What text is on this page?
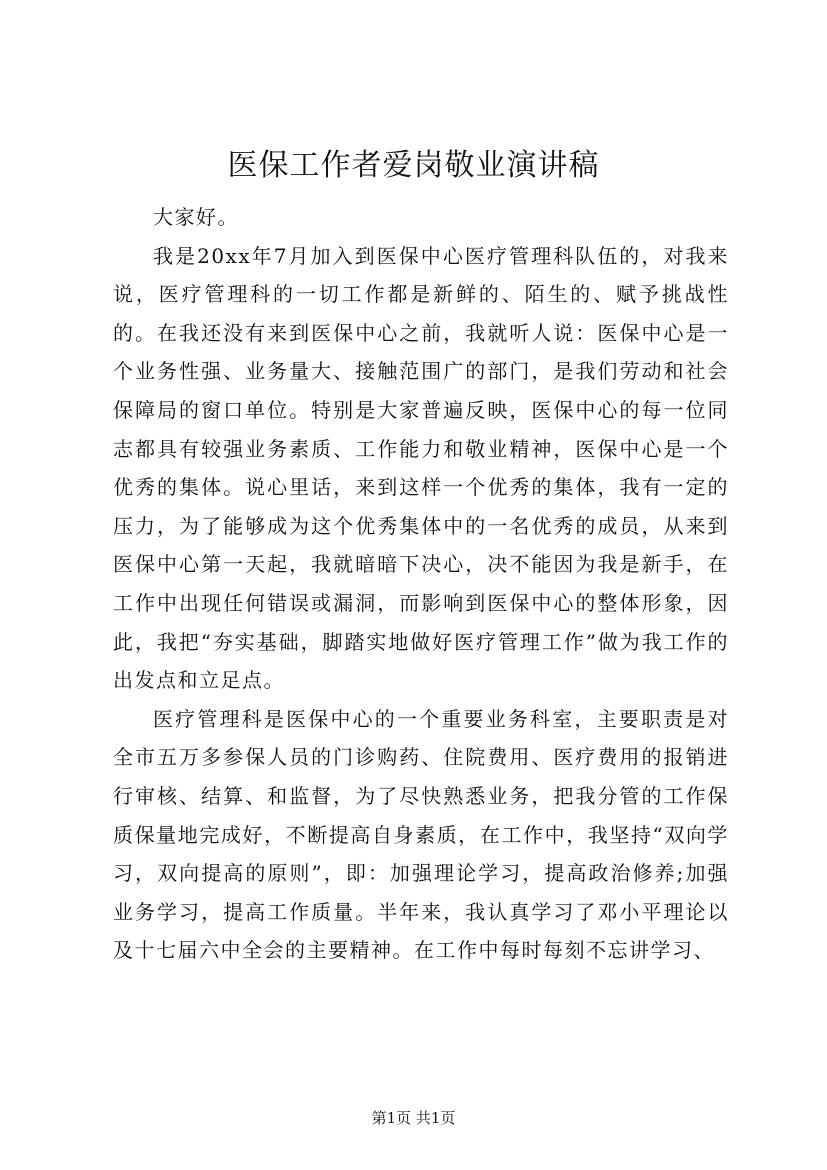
医保工作者爱岗敬业演讲稿

大家好。

我是20xx年7月加入到医保中心医疗管理科队伍的，对我来说，医疗管理科的一切工作都是新鲜的、陌生的、赋予挑战性的。在我还没有来到医保中心之前，我就听人说：医保中心是一个业务性强、业务量大、接触范围广的部门，是我们劳动和社会保障局的窗口单位。特别是大家普遍反映，医保中心的每一位同志都具有较强业务素质、工作能力和敬业精神，医保中心是一个优秀的集体。说心里话，来到这样一个优秀的集体，我有一定的压力，为了能够成为这个优秀集体中的一名优秀的成员，从来到医保中心第一天起，我就暗暗下决心，决不能因为我是新手，在工作中出现任何错误或漏洞，而影响到医保中心的整体形象，因此，我把“夯实基础，脚踏实地做好医疗管理工作”做为我工作的出发点和立足点。

医疗管理科是医保中心的一个重要业务科室，主要职责是对全市五万多参保人员的门诊购药、住院费用、医疗费用的报销进行审核、结算、和监督，为了尽快熟悉业务，把我分管的工作保质保量地完成好，不断提高自身素质，在工作中，我坚持“双向学习，双向提高的原则”，即：加强理论学习，提高政治修养;加强业务学习，提高工作质量。半年来，我认真学习了邓小平理论以及十七届六中全会的主要精神。在工作中每时每刻不忘讲学习、

第1页 共1页
